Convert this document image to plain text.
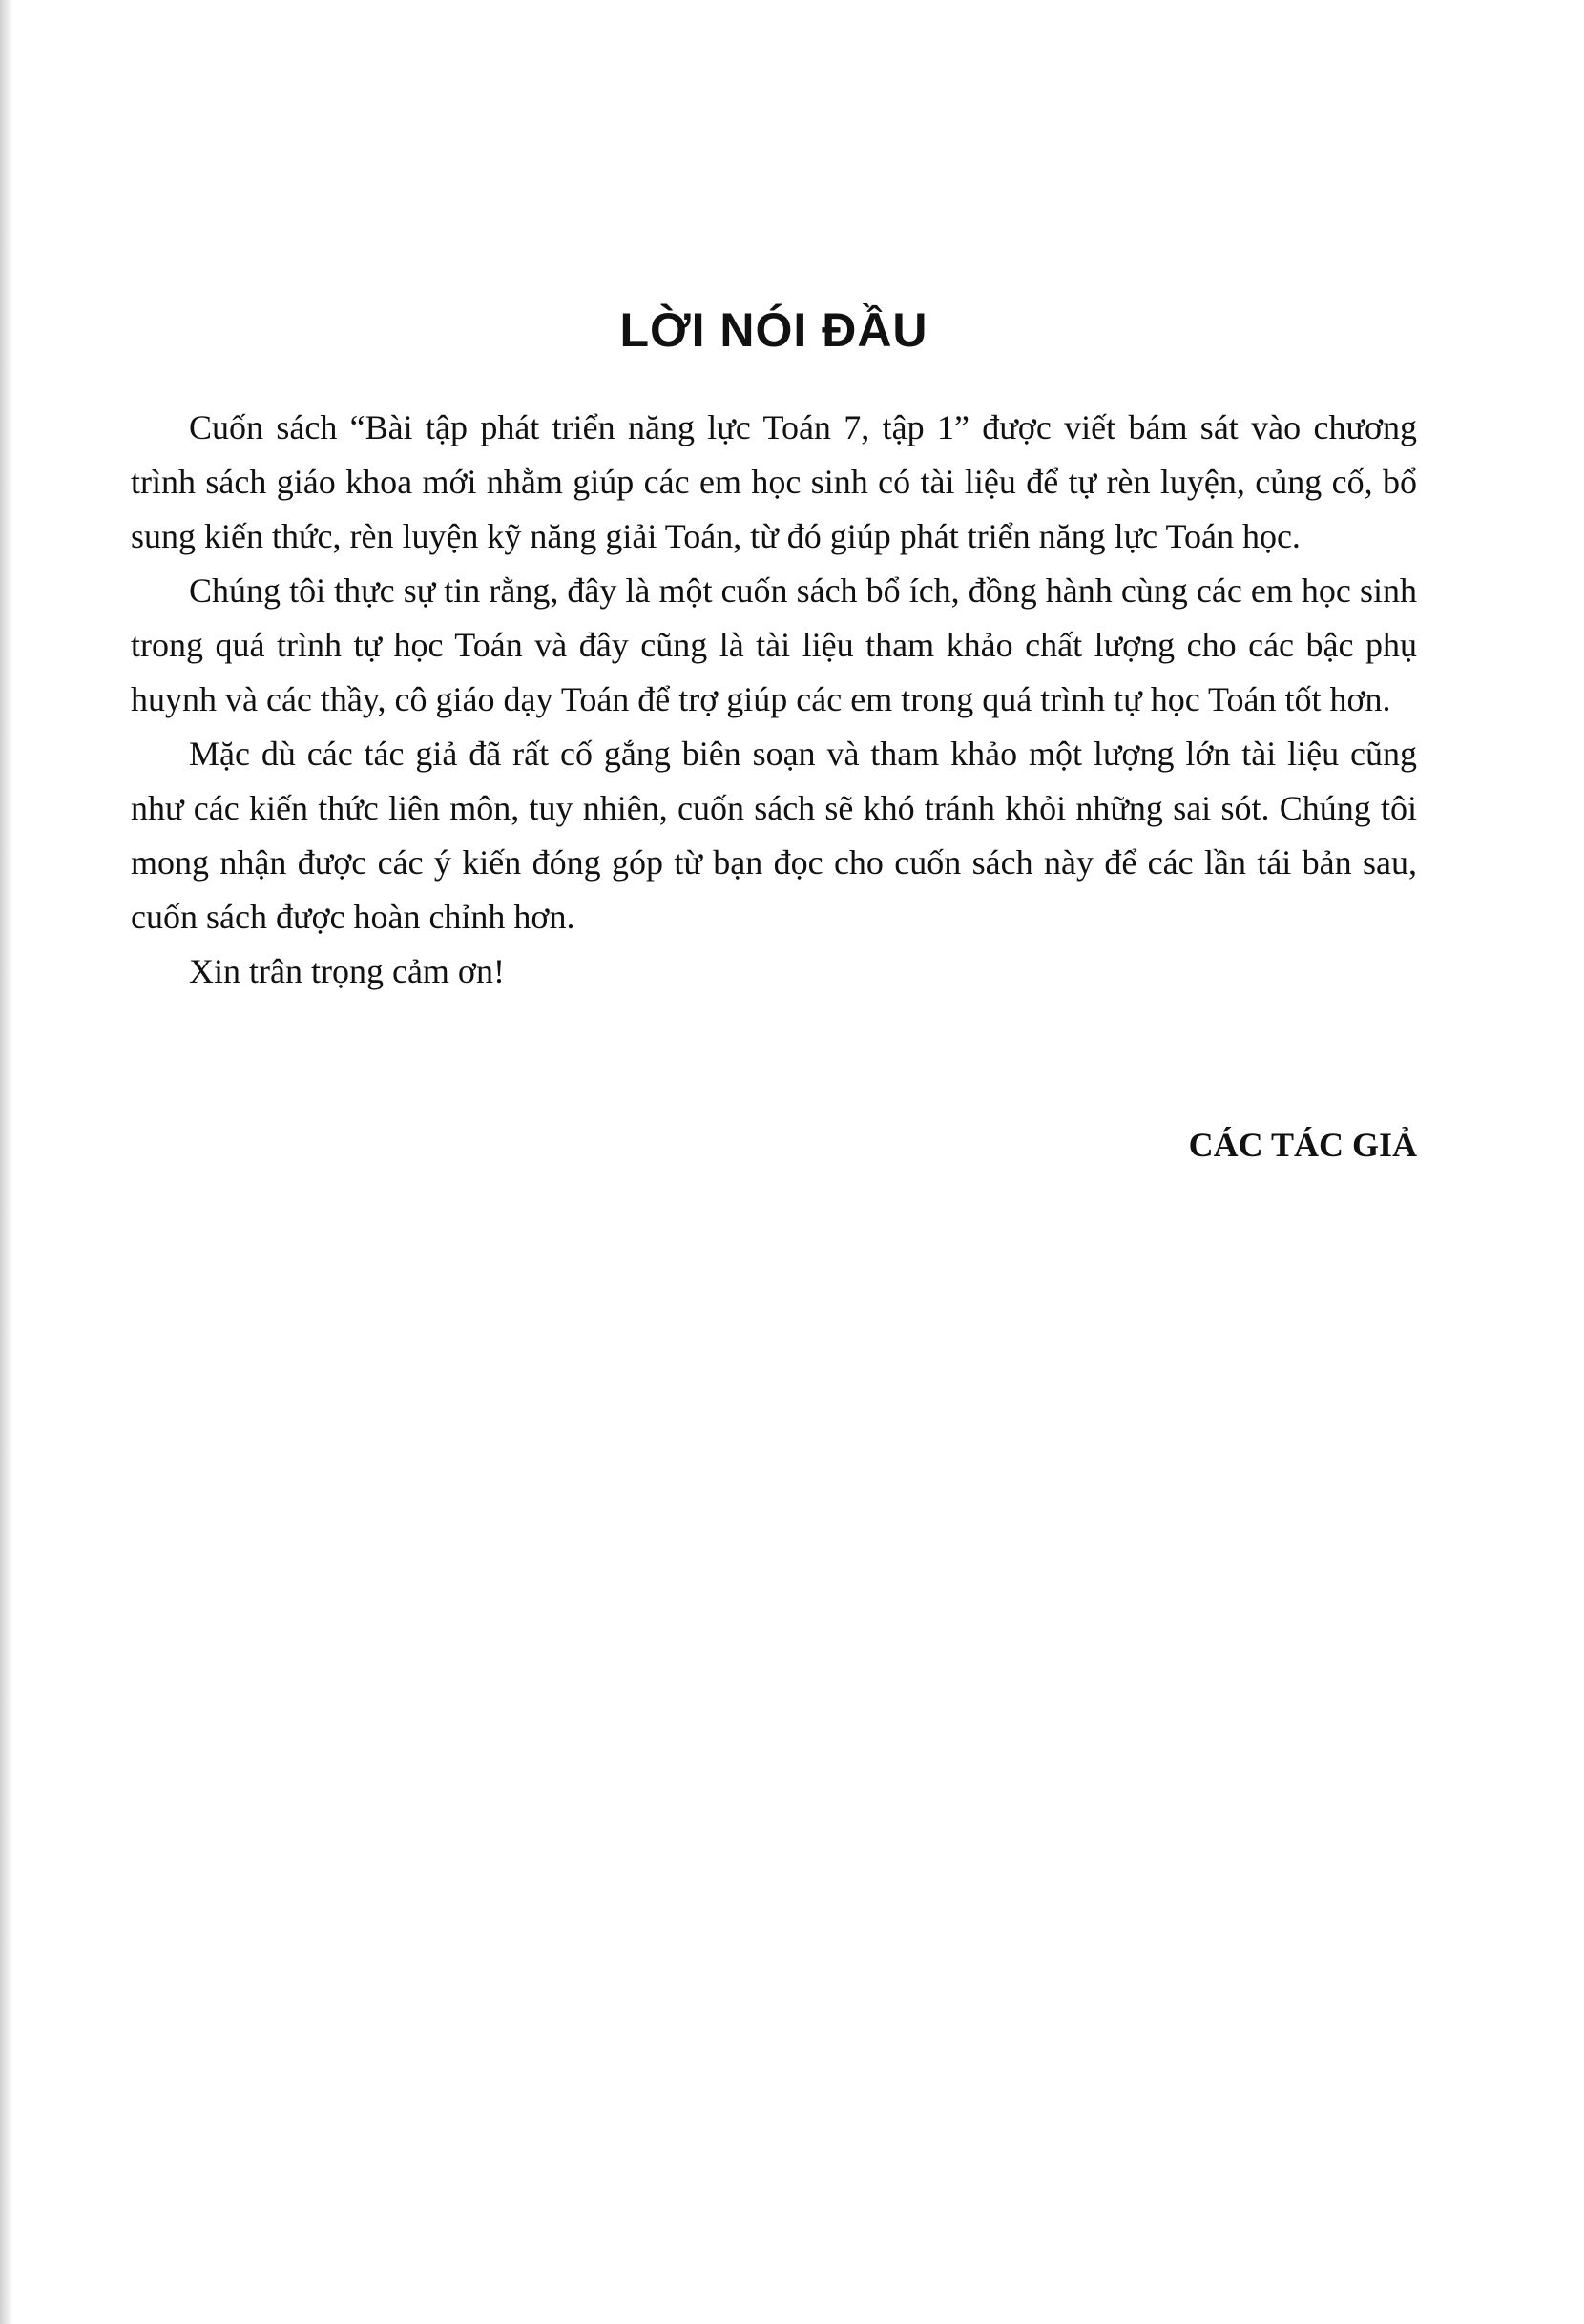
LỜI NÓI ĐẦU

Cuốn sách “Bài tập phát triển năng lực Toán 7, tập 1” được viết bám sát vào chương trình sách giáo khoa mới nhằm giúp các em học sinh có tài liệu để tự rèn luyện, củng cố, bổ sung kiến thức, rèn luyện kỹ năng giải Toán, từ đó giúp phát triển năng lực Toán học.

Chúng tôi thực sự tin rằng, đây là một cuốn sách bổ ích, đồng hành cùng các em học sinh trong quá trình tự học Toán và đây cũng là tài liệu tham khảo chất lượng cho các bậc phụ huynh và các thầy, cô giáo dạy Toán để trợ giúp các em trong quá trình tự học Toán tốt hơn.

Mặc dù các tác giả đã rất cố gắng biên soạn và tham khảo một lượng lớn tài liệu cũng như các kiến thức liên môn, tuy nhiên, cuốn sách sẽ khó tránh khỏi những sai sót. Chúng tôi mong nhận được các ý kiến đóng góp từ bạn đọc cho cuốn sách này để các lần tái bản sau, cuốn sách được hoàn chỉnh hơn.

Xin trân trọng cảm ơn!

CÁC TÁC GIẢ
